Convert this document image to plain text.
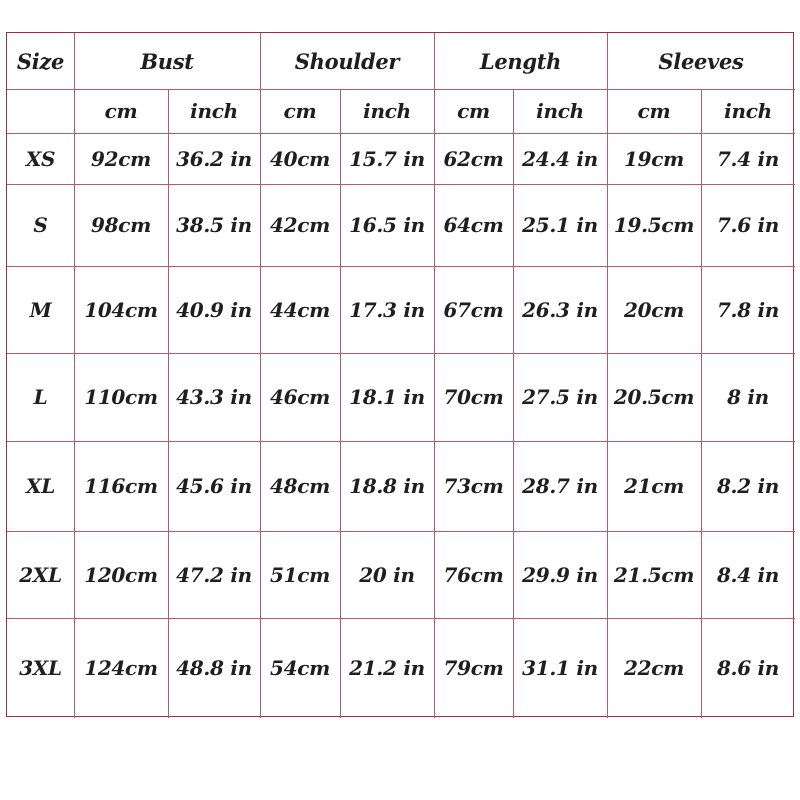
Size	Bust	Shoulder	Length	Sleeves
cm	inch	cm	inch	cm	inch	cm	inch
XS	92cm	36.2 in 40cm 15.7 in 62cm 24.4 in	19cm	7.4 in
S	98cm	38.5 in 42cm 16.5 in 64cm 25.1 in 19.5cm	7.6 in
M	104cm 40.9 in 44cm 17.3 in 67cm 26.3 in	20cm	7.8 in
L	110cm 43.3 in 46cm 18.1 in 70cm 27.5 in 20.5cm	8 in
XL	116cm 45.6 in 48cm 18.8 in 73cm 28.7 in	21cm	8.2 in
2XL	120cm 47.2 in 51cm	20 in	76cm 29.9 in 21.5cm	8.4 in
3XL	124cm 48.8 in 54cm 21.2 in 79cm 31.1 in	22cm	8.6 in
